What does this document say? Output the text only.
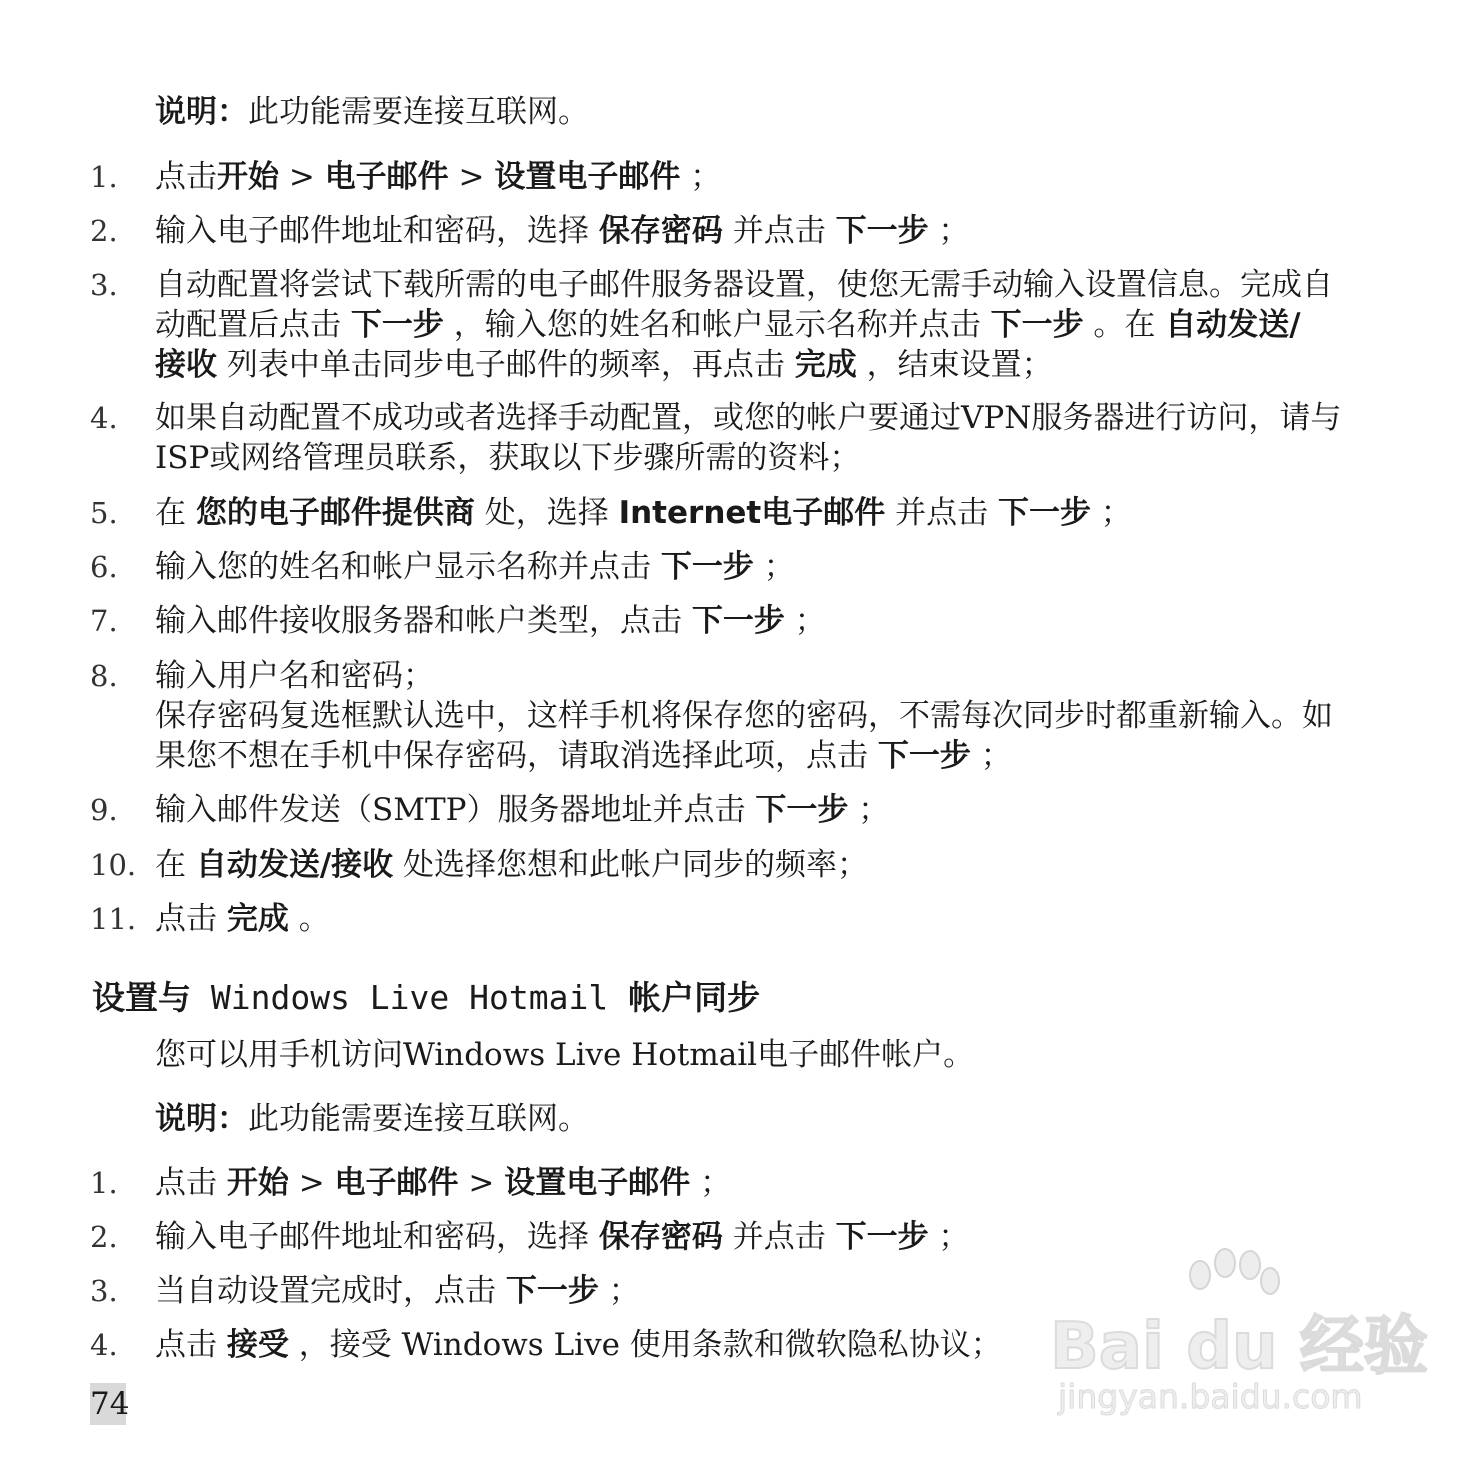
说明：此功能需要连接互联网。
1. 点击开始 > 电子邮件 > 设置电子邮件 ；
2. 输入电子邮件地址和密码，选择 保存密码 并点击 下一步 ；
3. 自动配置将尝试下载所需的电子邮件服务器设置，使您无需手动输入设置信息。完成自
动配置后点击 下一步 ，输入您的姓名和帐户显示名称并点击 下一步 。在 自动发送/
接收 列表中单击同步电子邮件的频率，再点击 完成 ，结束设置；
4. 如果自动配置不成功或者选择手动配置，或您的帐户要通过VPN服务器进行访问，请与
ISP或网络管理员联系，获取以下步骤所需的资料；
5. 在 您的电子邮件提供商 处，选择 Internet电子邮件 并点击 下一步 ；
6. 输入您的姓名和帐户显示名称并点击 下一步 ；
7. 输入邮件接收服务器和帐户类型，点击 下一步 ；
8. 输入用户名和密码；
保存密码复选框默认选中，这样手机将保存您的密码，不需每次同步时都重新输入。如
果您不想在手机中保存密码，请取消选择此项，点击 下一步 ；
9. 输入邮件发送（SMTP）服务器地址并点击 下一步 ；
10. 在 自动发送/接收 处选择您想和此帐户同步的频率；
11. 点击 完成 。
设置与 Windows Live Hotmail 帐户同步
您可以用手机访问Windows Live Hotmail电子邮件帐户。
说明：此功能需要连接互联网。
1. 点击 开始 > 电子邮件 > 设置电子邮件 ；
2. 输入电子邮件地址和密码，选择 保存密码 并点击 下一步 ；
3. 当自动设置完成时，点击 下一步 ；
4. 点击 接受 ，接受 Windows Live 使用条款和微软隐私协议；
74
Bai du 经验
jingyan.baidu.com
